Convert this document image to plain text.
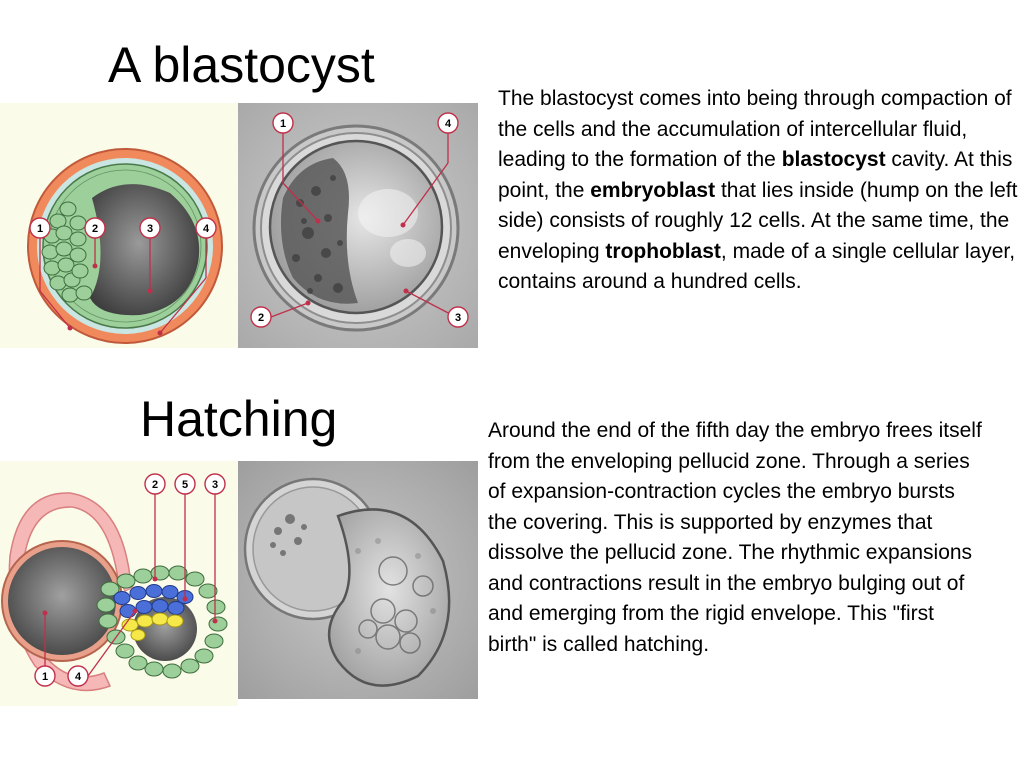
A blastocyst
The blastocyst comes into being through compaction of the cells and the accumulation of intercellular fluid, leading to the formation of the blastocyst cavity. At this point, the embryoblast that lies inside (hump on the left side) consists of roughly 12 cells. At the same time, the enveloping trophoblast, made of a single cellular layer, contains around a hundred cells.
1	2	3	4
1	4
2	3
Hatching	Around the end of the fifth day the embryo frees itself from the enveloping pellucid zone. Through a series of expansion-contraction cycles the embryo bursts the covering. This is supported by enzymes that dissolve the pellucid zone. The rhythmic expansions and contractions result in the embryo bulging out of and emerging from the rigid envelope. This "first birth" is called hatching.
2 5 3
1 4
